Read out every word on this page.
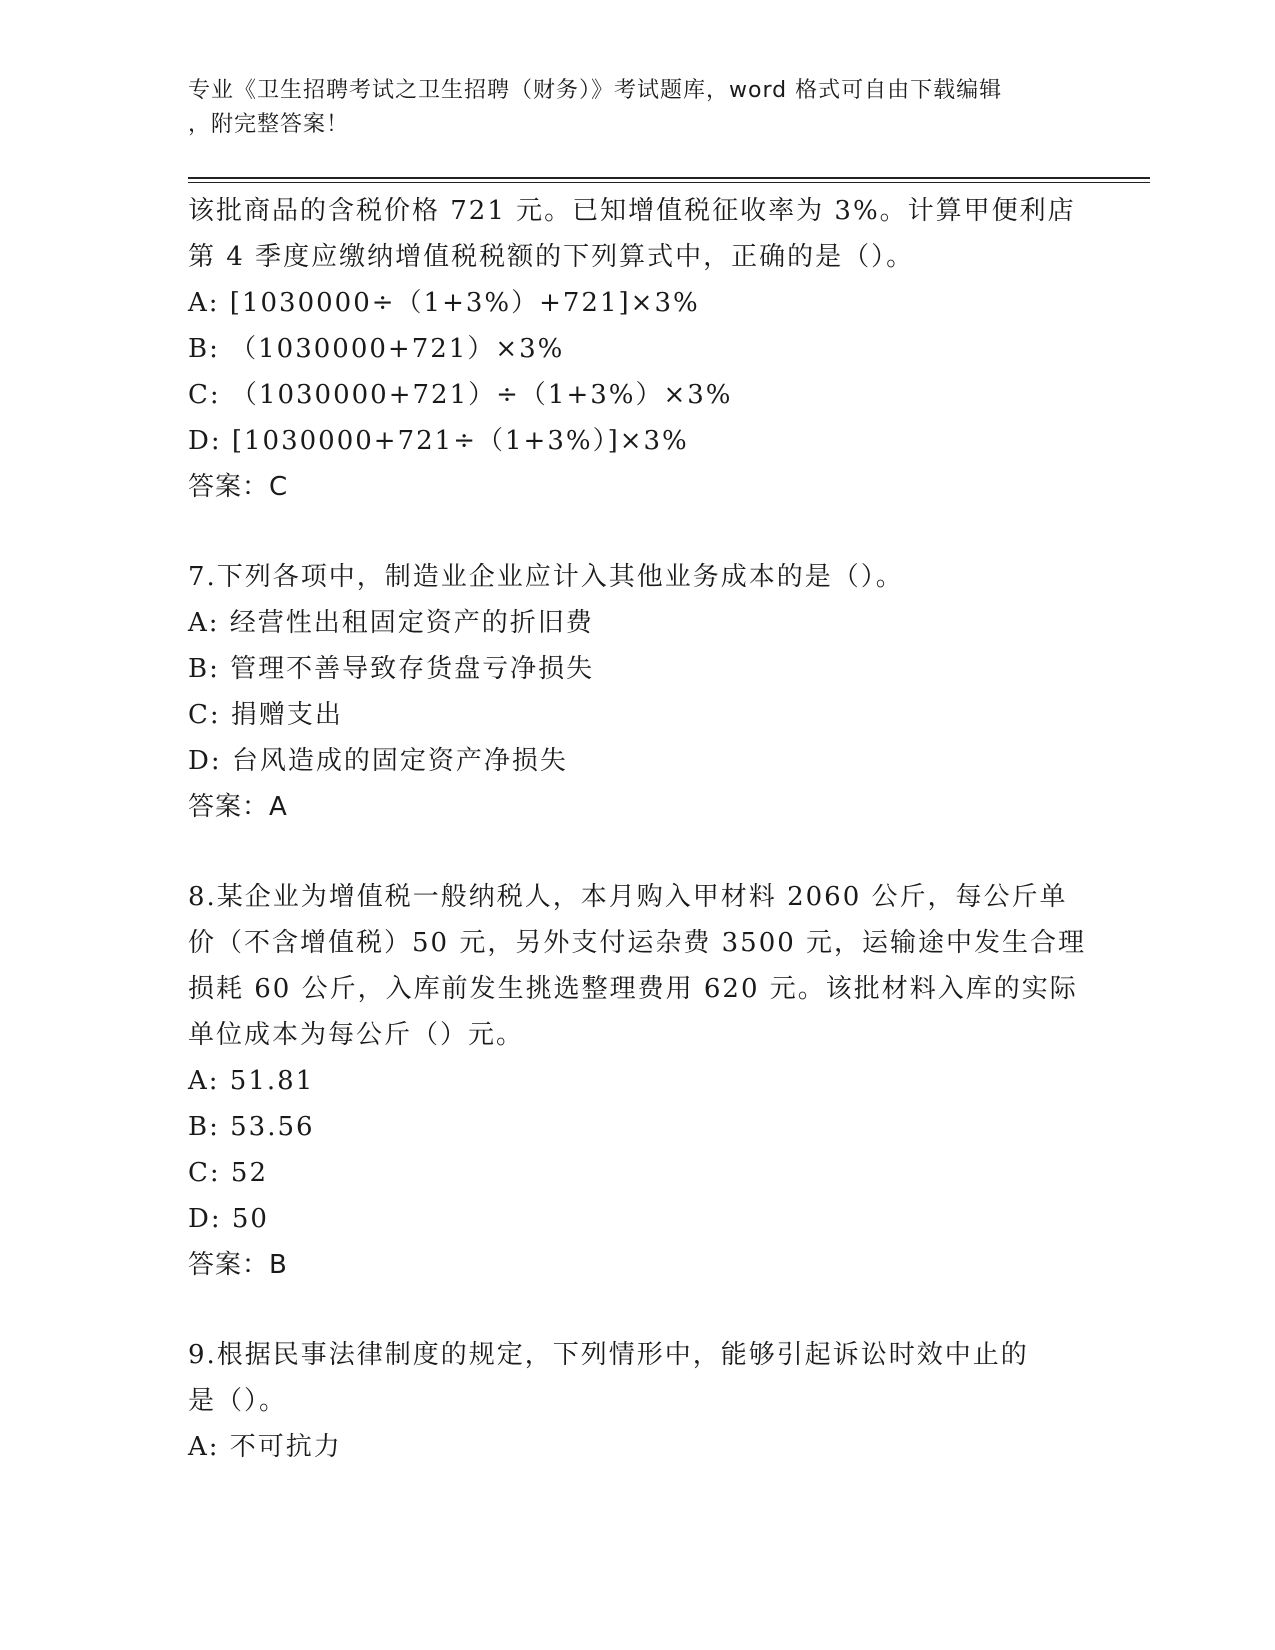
专业《卫生招聘考试之卫生招聘（财务）》考试题库，word 格式可自由下载编辑
，附完整答案！
该批商品的含税价格 721 元。已知增值税征收率为 3%。计算甲便利店
第 4 季度应缴纳增值税税额的下列算式中，正确的是（）。
A: [1030000÷（1+3%）+721]×3%
B: （1030000+721）×3%
C: （1030000+721）÷（1+3%）×3%
D: [1030000+721÷（1+3%）]×3%
答案：C
7.下列各项中，制造业企业应计入其他业务成本的是（）。
A: 经营性出租固定资产的折旧费
B: 管理不善导致存货盘亏净损失
C: 捐赠支出
D: 台风造成的固定资产净损失
答案：A
8.某企业为增值税一般纳税人，本月购入甲材料 2060 公斤，每公斤单
价（不含增值税）50 元，另外支付运杂费 3500 元，运输途中发生合理
损耗 60 公斤，入库前发生挑选整理费用 620 元。该批材料入库的实际
单位成本为每公斤（）元。
A: 51.81
B: 53.56
C: 52
D: 50
答案：B
9.根据民事法律制度的规定，下列情形中，能够引起诉讼时效中止的
是（）。
A: 不可抗力
